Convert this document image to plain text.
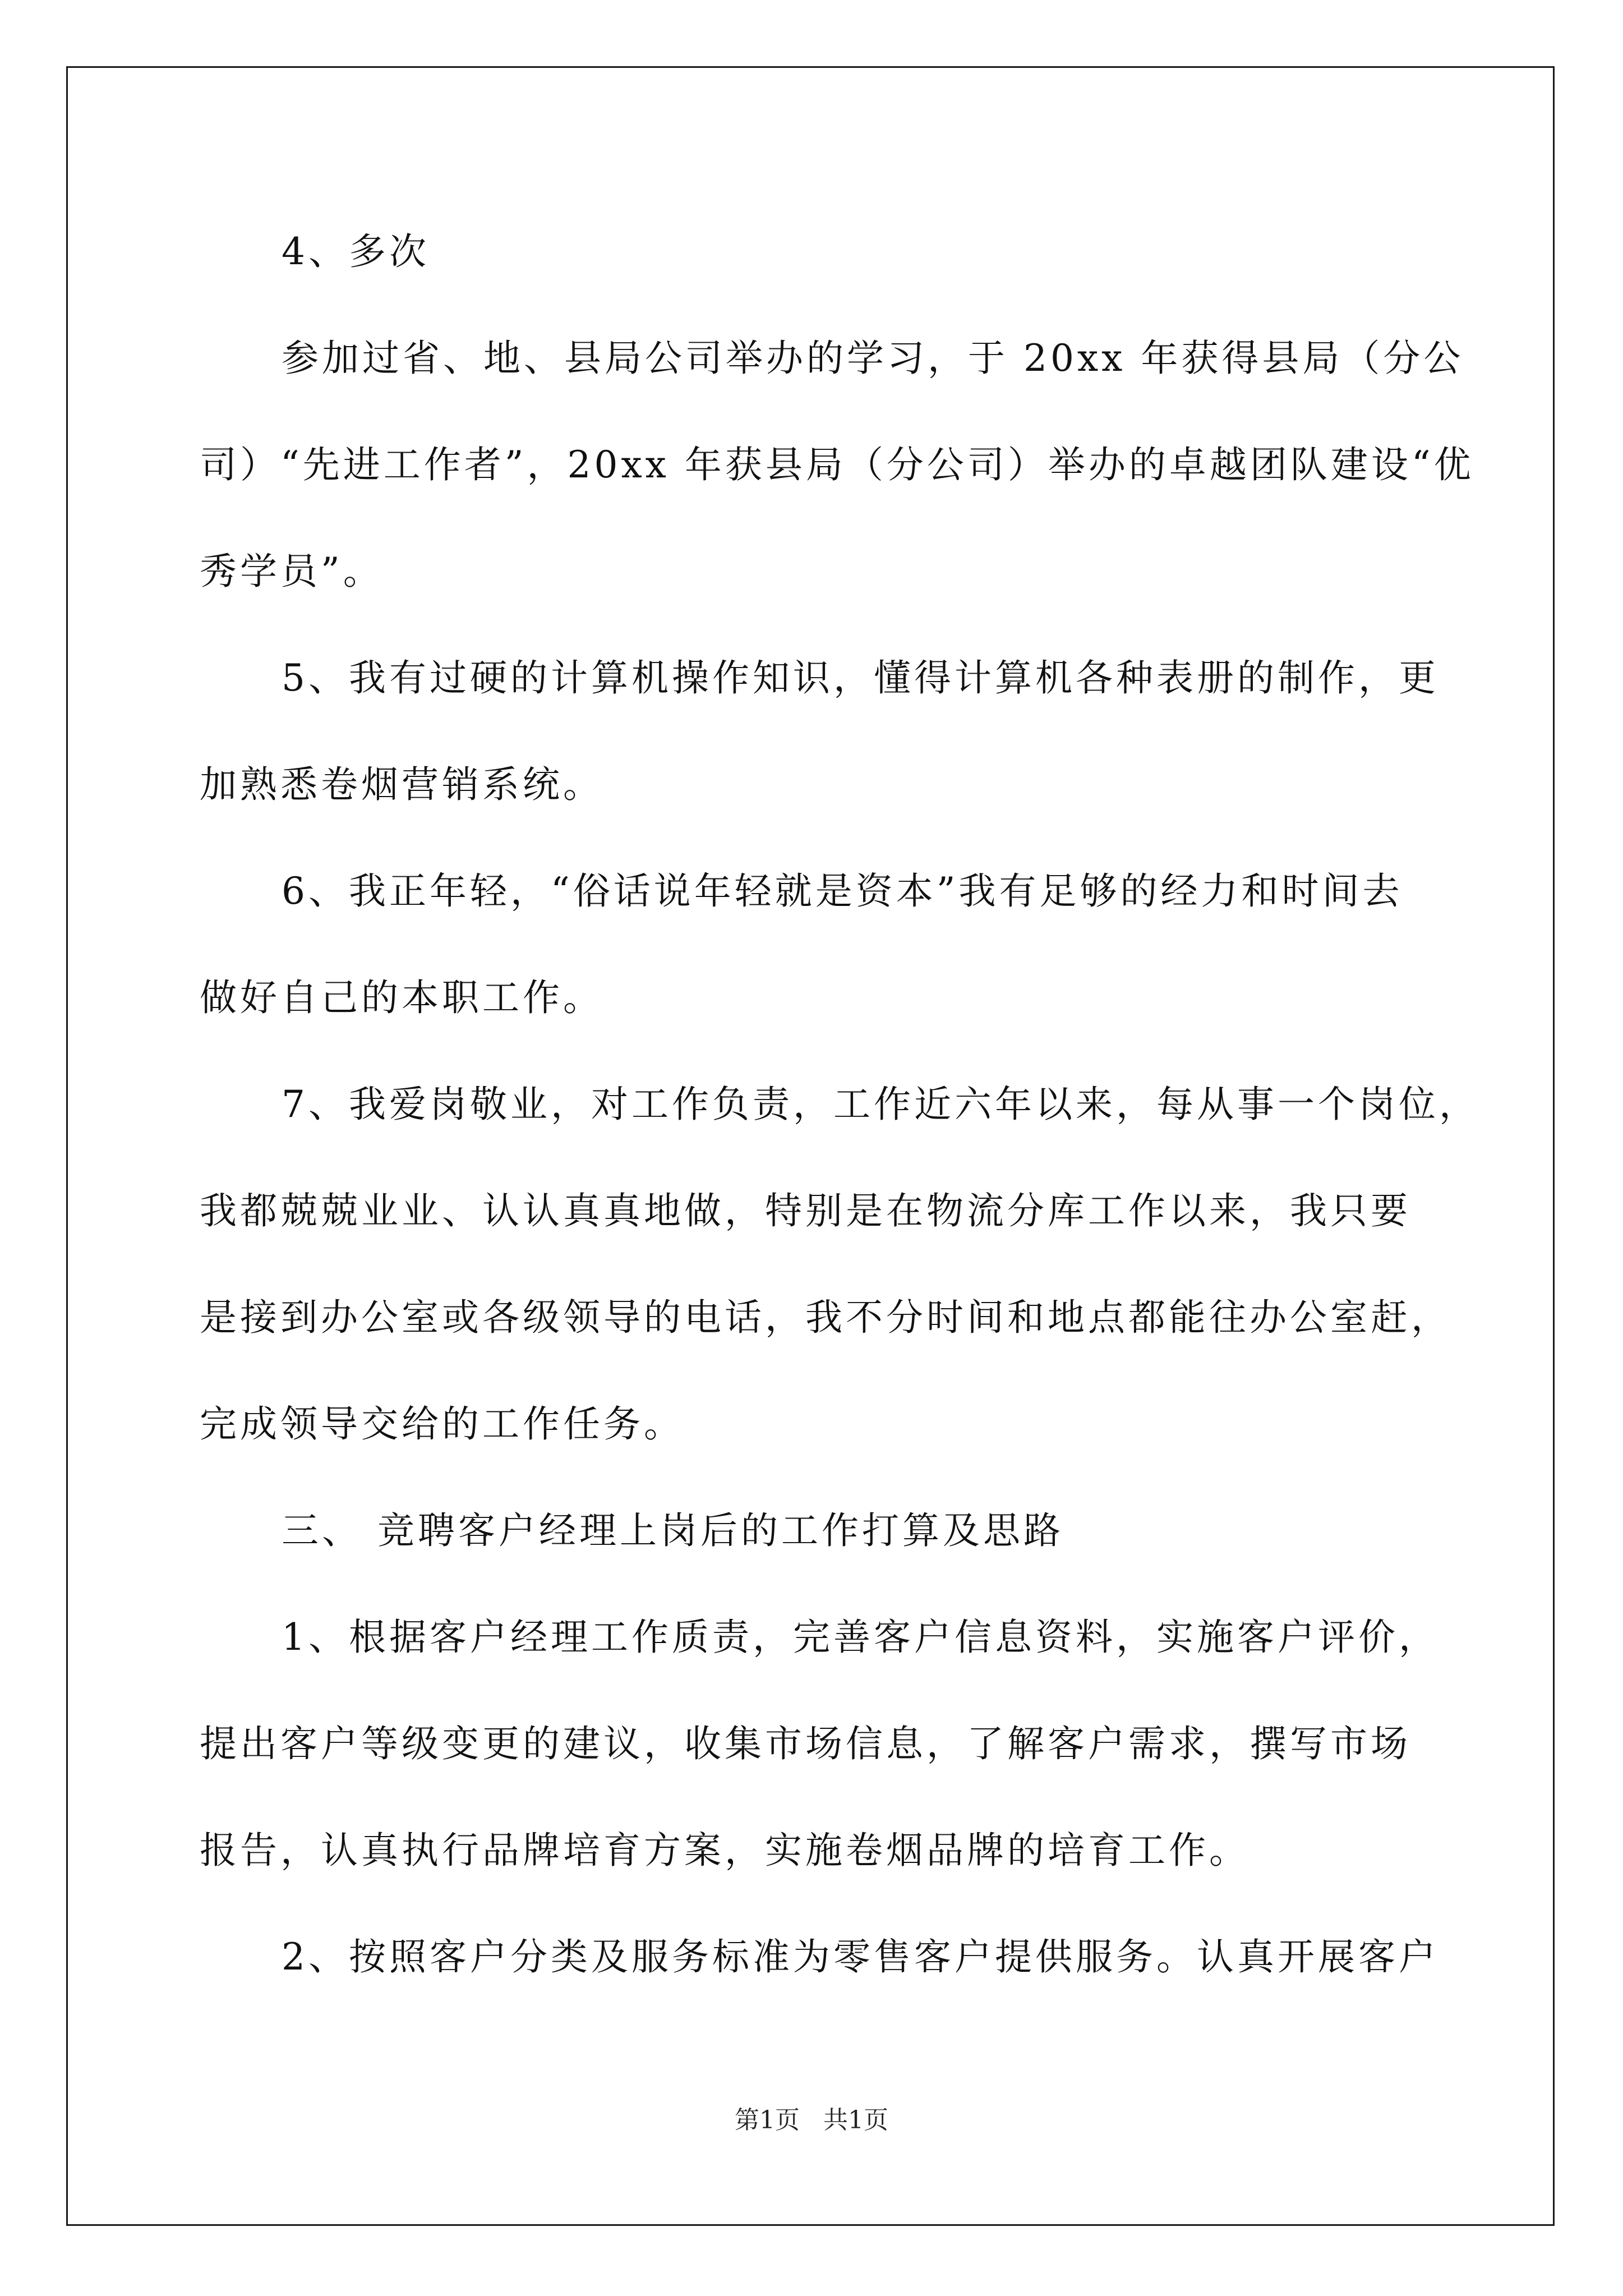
4、多次

参加过省、地、县局公司举办的学习，于 20xx 年获得县局（分公

司）“先进工作者”，20xx 年获县局（分公司）举办的卓越团队建设“优

秀学员”。

5、我有过硬的计算机操作知识，懂得计算机各种表册的制作，更

加熟悉卷烟营销系统。

6、我正年轻，“俗话说年轻就是资本”我有足够的经力和时间去

做好自己的本职工作。

7、我爱岗敬业，对工作负责，工作近六年以来，每从事一个岗位，

我都兢兢业业、认认真真地做，特别是在物流分库工作以来，我只要

是接到办公室或各级领导的电话，我不分时间和地点都能往办公室赶，

完成领导交给的工作任务。

三、 竞聘客户经理上岗后的工作打算及思路

1、根据客户经理工作质责，完善客户信息资料，实施客户评价，

提出客户等级变更的建议，收集市场信息，了解客户需求，撰写市场

报告，认真执行品牌培育方案，实施卷烟品牌的培育工作。

2、按照客户分类及服务标准为零售客户提供服务。认真开展客户

第1页   共1页
